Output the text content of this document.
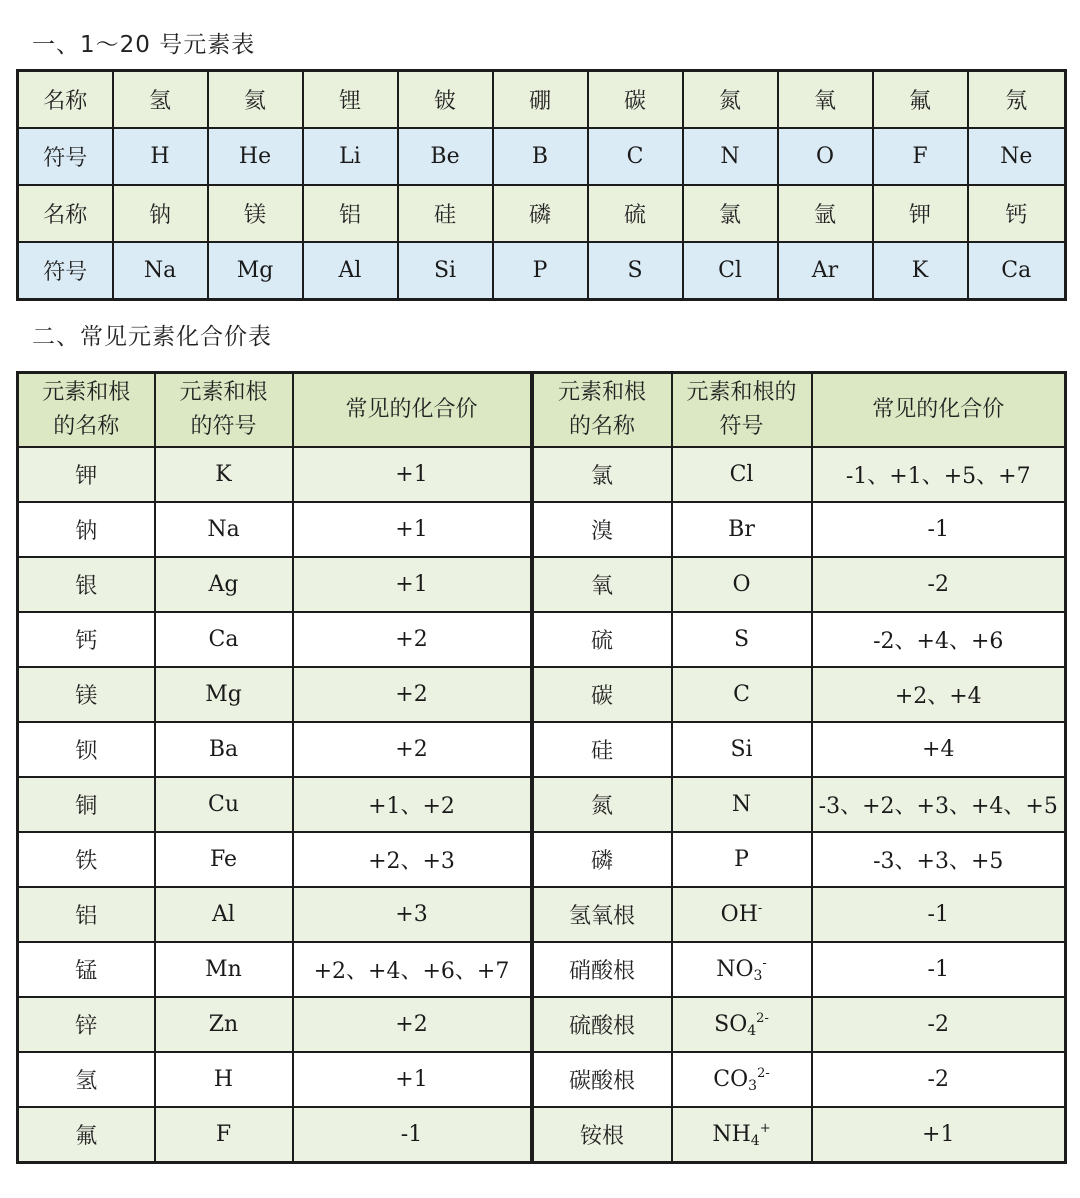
一、1～20 号元素表
名称	氢	氦	锂	铍	硼	碳	氮	氧	氟	氖
符号	H	He	Li	Be	B	C	N	O	F	Ne
名称	钠	镁	铝	硅	磷	硫	氯	氩	钾	钙
符号	Na	Mg	Al	Si	P	S	Cl	Ar	K	Ca
二、常见元素化合价表
元素和根的名称	元素和根的符号	常见的化合价	元素和根的名称	元素和根的符号	常见的化合价
钾	K	+1	氯	Cl	-1、+1、+5、+7
钠	Na	+1	溴	Br	-1
银	Ag	+1	氧	O	-2
钙	Ca	+2	硫	S	-2、+4、+6
镁	Mg	+2	碳	C	+2、+4
钡	Ba	+2	硅	Si	+4
铜	Cu	+1、+2	氮	N	-3、+2、+3、+4、+5
铁	Fe	+2、+3	磷	P	-3、+3、+5
铝	Al	+3	氢氧根	OH-	-1
锰	Mn	+2、+4、+6、+7	硝酸根	$NO_3^-$	-1
锌	Zn	+2	硫酸根	$SO_4^{2-}$	-2
氢	H	+1	碳酸根	$CO_3^{2-}$	-2
氟	F	-1	铵根	$NH_4^+$	+1
